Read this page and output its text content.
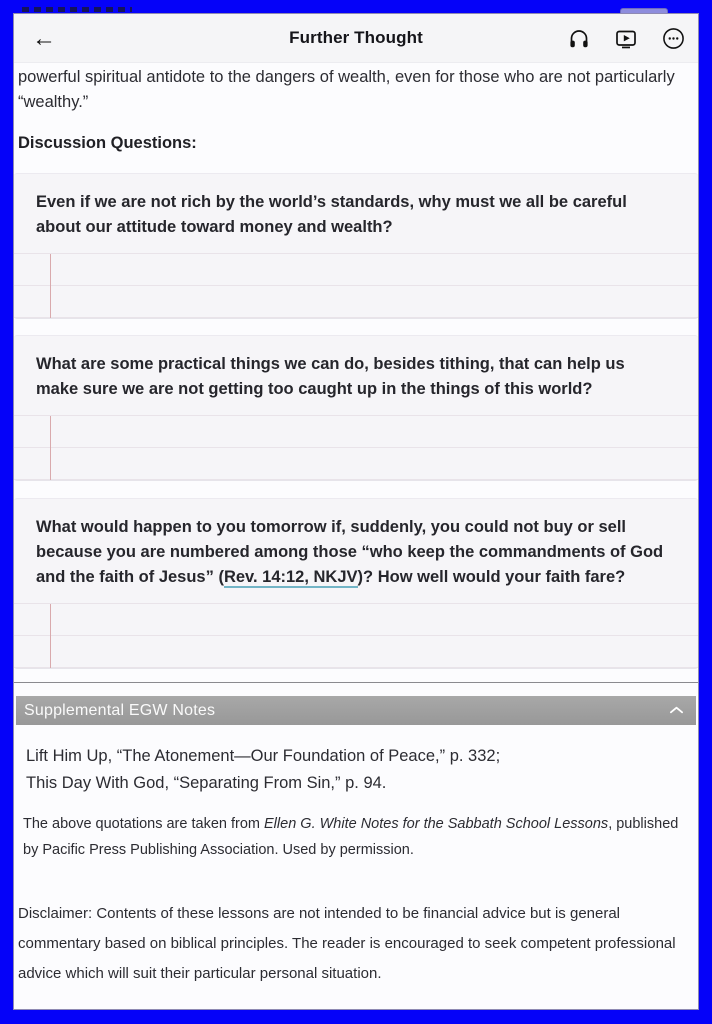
←	Further Thought

powerful spiritual antidote to the dangers of wealth, even for those who are not particularly “wealthy.”

Discussion Questions:
Even if we are not rich by the world’s standards, why must we all be careful about our attitude toward money and wealth?
What are some practical things we can do, besides tithing, that can help us make sure we are not getting too caught up in the things of this world?
What would happen to you tomorrow if, suddenly, you could not buy or sell because you are numbered among those “who keep the commandments of God and the faith of Jesus” (Rev. 14:12, NKJV)? How well would your faith fare?
Supplemental EGW Notes
Lift Him Up, “The Atonement—Our Foundation of Peace,” p. 332;
This Day With God, “Separating From Sin,” p. 94.
The above quotations are taken from Ellen G. White Notes for the Sabbath School Lessons, published by Pacific Press Publishing Association. Used by permission.
Disclaimer: Contents of these lessons are not intended to be financial advice but is general commentary based on biblical principles. The reader is encouraged to seek competent professional advice which will suit their particular personal situation.
